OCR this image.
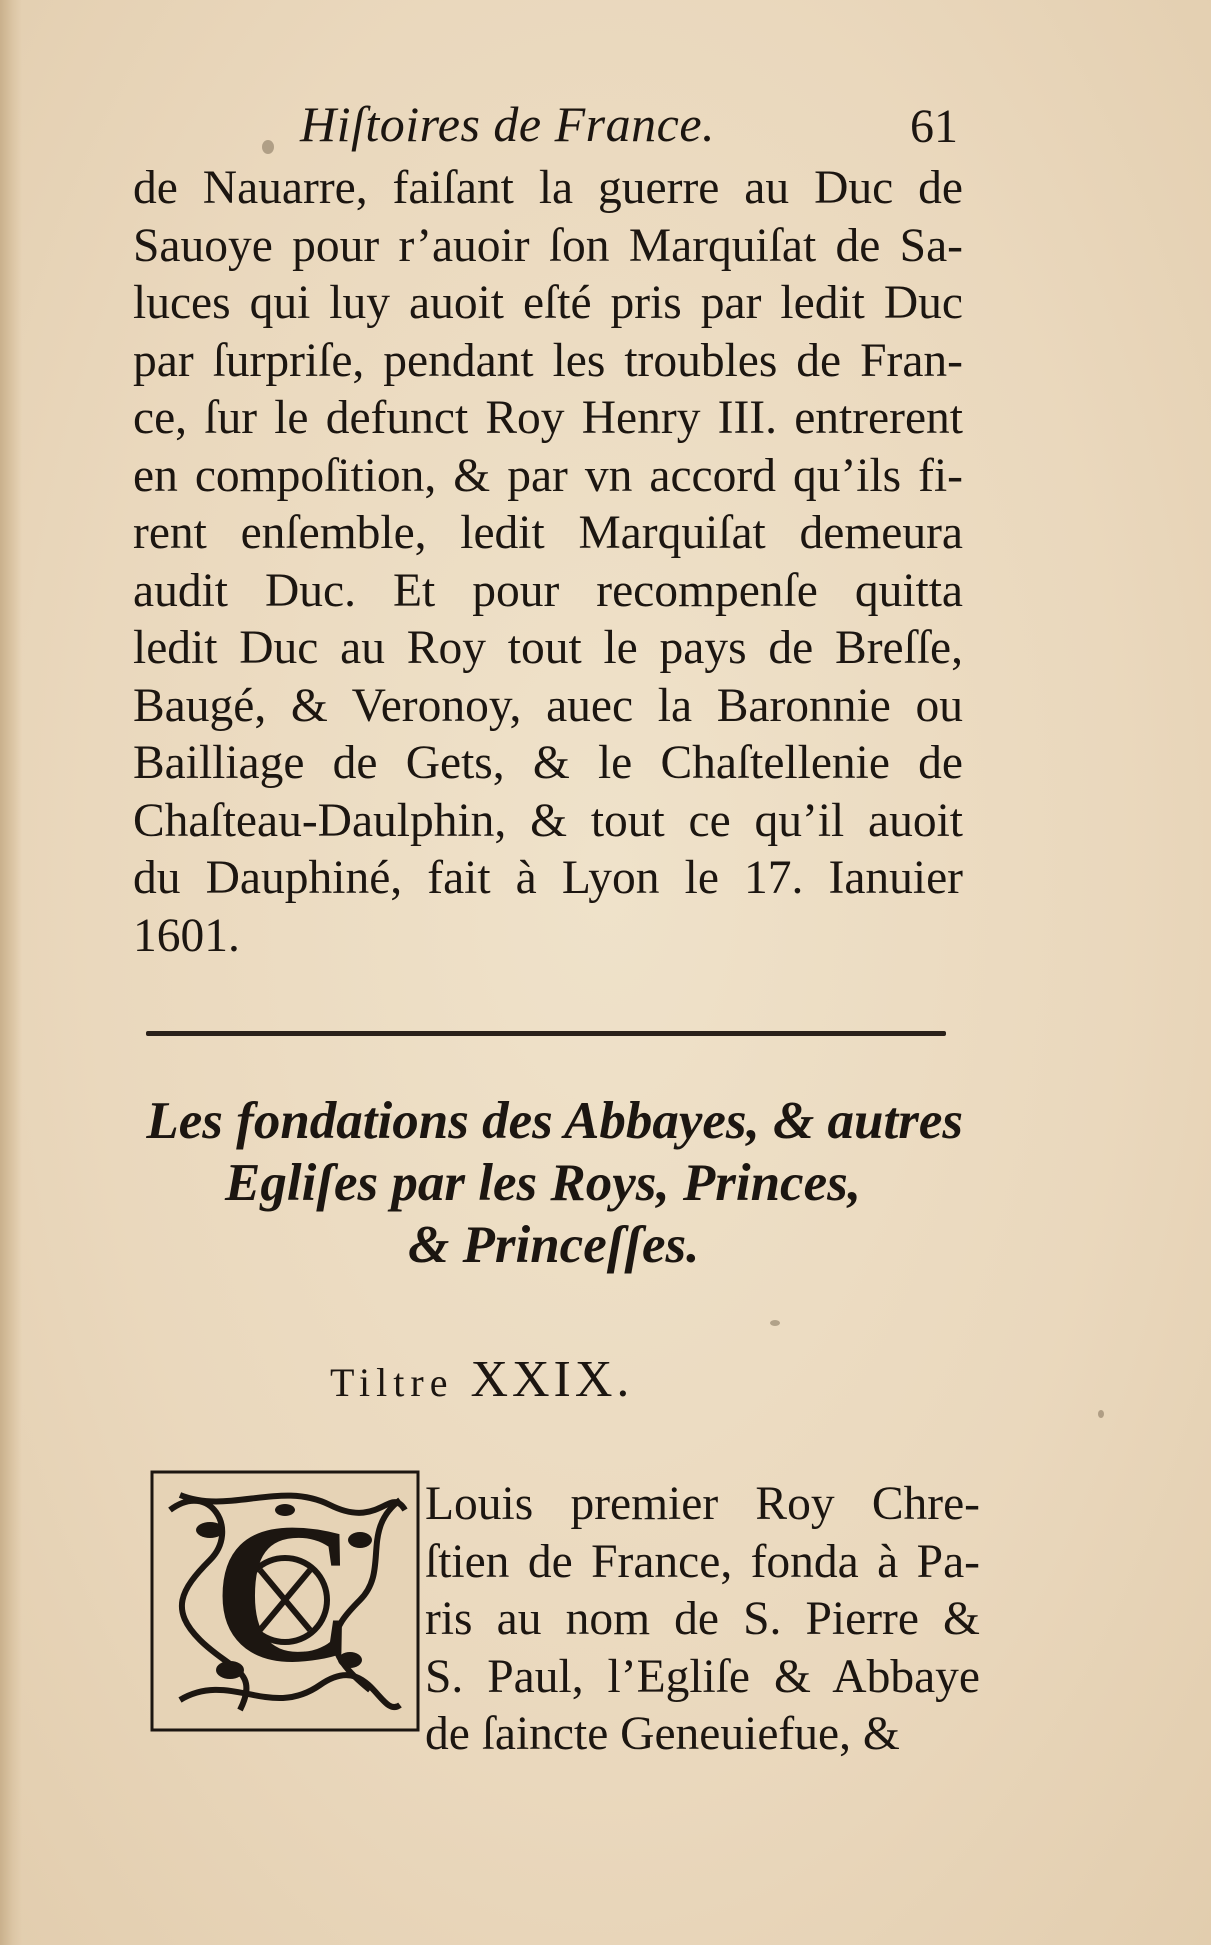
Hiſtoires de France.	61
de Nauarre, faiſant la guerre au Duc de
Sauoye pour r’auoir ſon Marquiſat de Sa-
luces qui luy auoit eſté pris par ledit Duc
par ſurpriſe, pendant les troubles de Fran-
ce, ſur le defunct Roy Henry III. entrerent
en compoſition, & par vn accord qu’ils fi-
rent enſemble, ledit Marquiſat demeura
audit Duc. Et pour recompenſe quitta
ledit Duc au Roy tout le pays de Breſſe,
Baugé, & Veronoy, auec la Baronnie ou
Bailliage de Gets, & le Chaſtellenie de
Chaſteau-Daulphin, & tout ce qu’il auoit
du Dauphiné, fait à Lyon le 17. Ianuier
1601.
Les fondations des Abbayes, & autres
Egliſes par les Roys, Princes,
& Princeſſes.
Tiltre XXIX.
C Louis premier Roy Chre-
ſtien de France, fonda à Pa-
ris au nom de S. Pierre &
S. Paul, l’Egliſe & Abbaye
de ſaincte Geneuiefue, &
